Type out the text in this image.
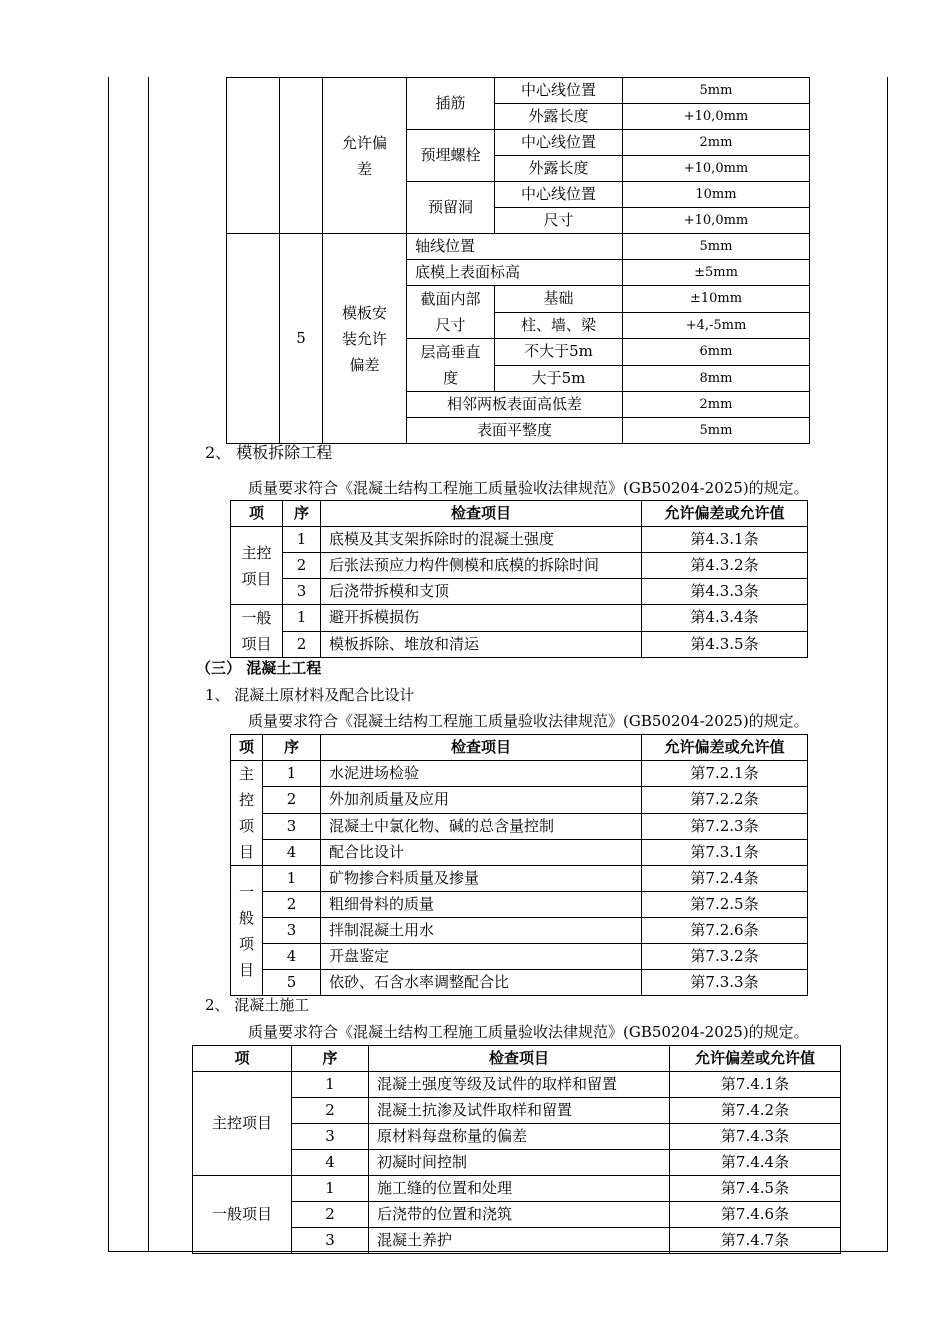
		允许偏差	插筋	中心线位置	5mm
				外露长度	+10,0mm
			预埋螺栓	中心线位置	2mm
				外露长度	+10,0mm
			预留洞	中心线位置	10mm
				尺寸	+10,0mm
	5	模板安装允许偏差	轴线位置		5mm
			底模上表面标高		±5mm
			截面内部尺寸	基础	±10mm
				柱、墙、梁	+4,-5mm
			层高垂直度	不大于5m	6mm
				大于5m	8mm
			相邻两板表面高低差		2mm
			表面平整度		5mm
2、 模板拆除工程
质量要求符合《混凝土结构工程施工质量验收法律规范》(GB50204-2025)的规定。
项	序	检查项目	允许偏差或允许值
主控项目	1	底模及其支架拆除时的混凝土强度	第4.3.1条
	2	后张法预应力构件侧模和底模的拆除时间	第4.3.2条
	3	后浇带拆模和支顶	第4.3.3条
一般项目	1	避开拆模损伤	第4.3.4条
	2	模板拆除、堆放和清运	第4.3.5条
（三） 混凝土工程
1、 混凝土原材料及配合比设计
质量要求符合《混凝土结构工程施工质量验收法律规范》(GB50204-2025)的规定。
项	序	检查项目	允许偏差或允许值
主控项目	1	水泥进场检验	第7.2.1条
	2	外加剂质量及应用	第7.2.2条
	3	混凝土中氯化物、碱的总含量控制	第7.2.3条
	4	配合比设计	第7.3.1条
一般项目	1	矿物掺合料质量及掺量	第7.2.4条
	2	粗细骨料的质量	第7.2.5条
	3	拌制混凝土用水	第7.2.6条
	4	开盘鉴定	第7.3.2条
	5	依砂、石含水率调整配合比	第7.3.3条
2、 混凝土施工
质量要求符合《混凝土结构工程施工质量验收法律规范》(GB50204-2025)的规定。
项	序	检查项目	允许偏差或允许值
主控项目	1	混凝土强度等级及试件的取样和留置	第7.4.1条
	2	混凝土抗渗及试件取样和留置	第7.4.2条
	3	原材料每盘称量的偏差	第7.4.3条
	4	初凝时间控制	第7.4.4条
一般项目	1	施工缝的位置和处理	第7.4.5条
	2	后浇带的位置和浇筑	第7.4.6条
	3	混凝土养护	第7.4.7条
